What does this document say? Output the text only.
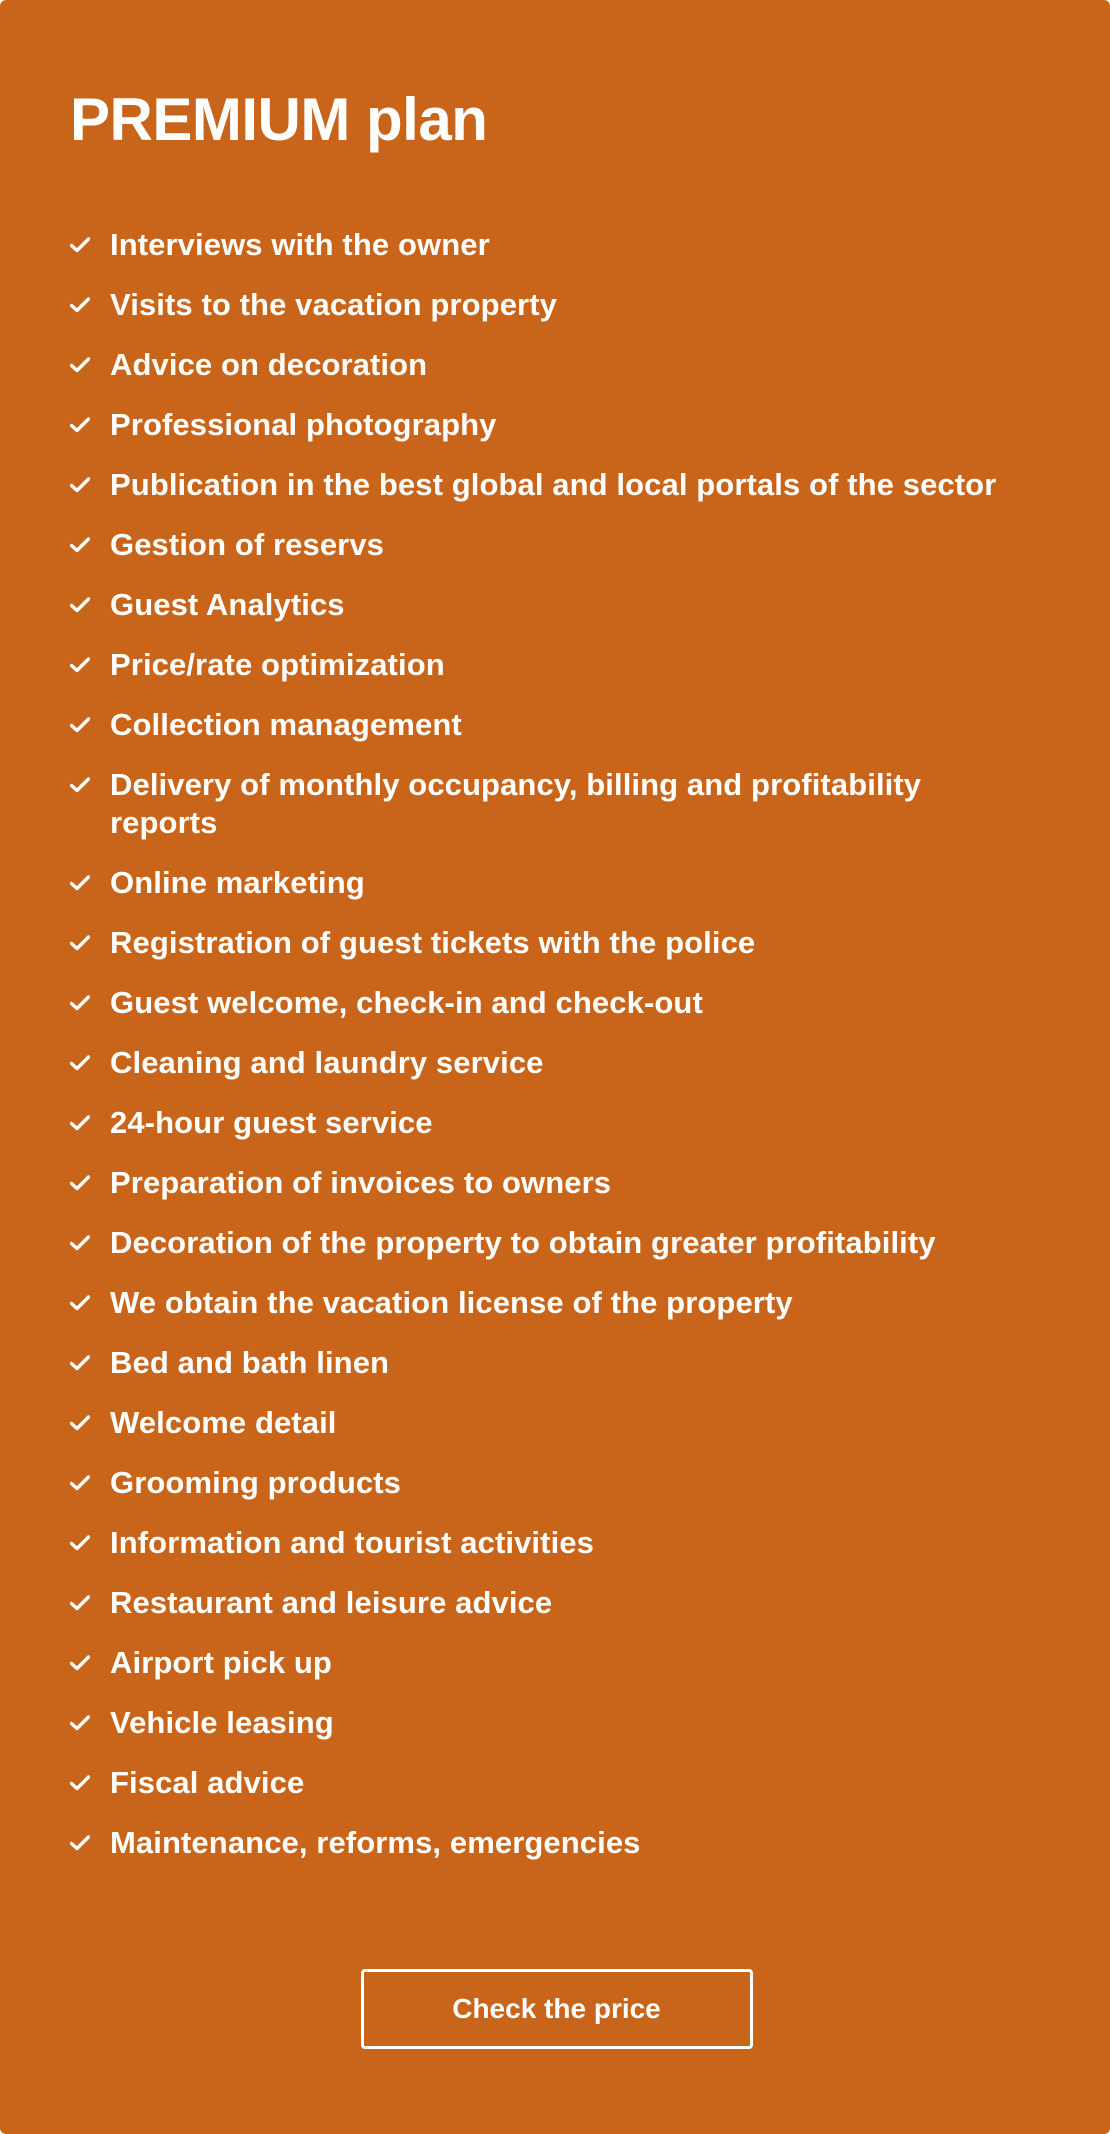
PREMIUM plan
Interviews with the owner
Visits to the vacation property
Advice on decoration
Professional photography
Publication in the best global and local portals of the sector
Gestion of reservs
Guest Analytics
Price/rate optimization
Collection management
Delivery of monthly occupancy, billing and profitability reports
Online marketing
Registration of guest tickets with the police
Guest welcome, check-in and check-out
Cleaning and laundry service
24-hour guest service
Preparation of invoices to owners
Decoration of the property to obtain greater profitability
We obtain the vacation license of the property
Bed and bath linen
Welcome detail
Grooming products
Information and tourist activities
Restaurant and leisure advice
Airport pick up
Vehicle leasing
Fiscal advice
Maintenance, reforms, emergencies
Check the price
